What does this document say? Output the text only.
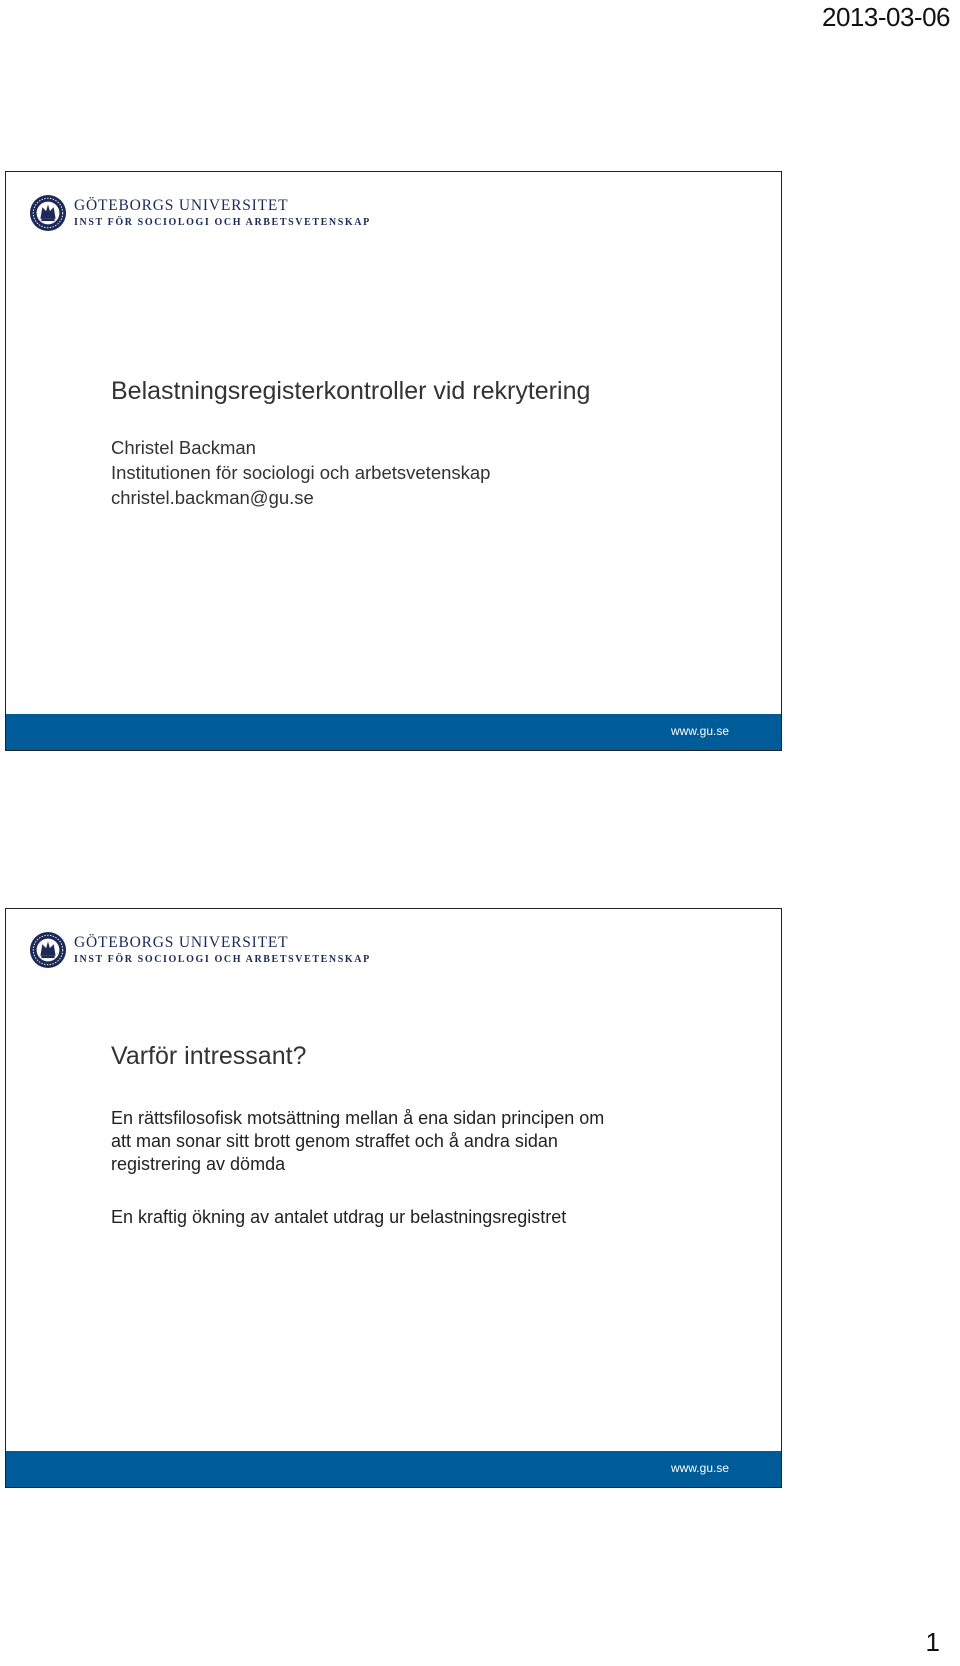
2013-03-06
GÖTEBORGS UNIVERSITET
INST FÖR SOCIOLOGI OCH ARBETSVETENSKAP
Belastningsregisterkontroller vid rekrytering
Christel Backman
Institutionen för sociologi och arbetsvetenskap
christel.backman@gu.se
www.gu.se
GÖTEBORGS UNIVERSITET
INST FÖR SOCIOLOGI OCH ARBETSVETENSKAP
Varför intressant?

En rättsfilosofisk motsättning mellan å ena sidan principen om
att man sonar sitt brott genom straffet och å andra sidan
registrering av dömda

En kraftig ökning av antalet utdrag ur belastningsregistret

www.gu.se
1
